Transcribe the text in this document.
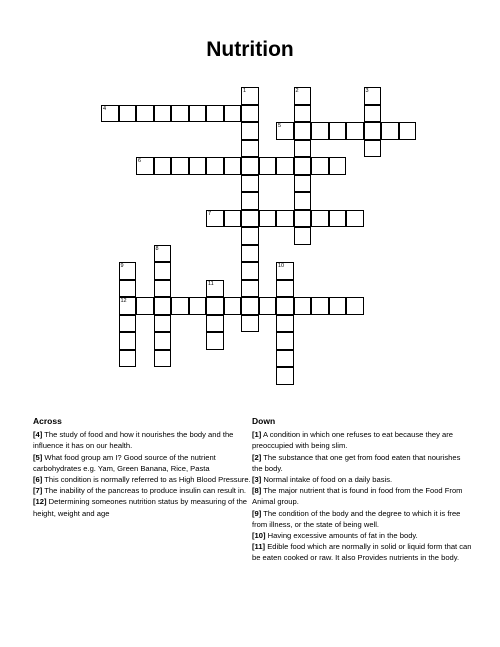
Nutrition
4
5
6
7
12
1	2	3
8
9	10
11
Across

[4] The study of food and how it nourishes the body and the influence it has on our health.

[5] What food group am I? Good source of the nutrient carbohydrates e.g. Yam, Green Banana, Rice, Pasta

[6] This condition is normally referred to as High Blood Pressure.

[7] The inability of the pancreas to produce insulin can result in.

[12] Determining someones nutrition status by measuring of the height, weight and age

Down

[1] A condition in which one refuses to eat because they are preoccupied with being slim.

[2] The substance that one get from food eaten that nourishes the body.

[3] Normal intake of food on a daily basis.

[8] The major nutrient that is found in food from the Food From Animal group.

[9] The condition of the body and the degree to which it is free from illness, or the state of being well.

[10] Having excessive amounts of fat in the body.

[11] Edible food which are normally in solid or liquid form that can be eaten cooked or raw. It also Provides nutrients in the body.
